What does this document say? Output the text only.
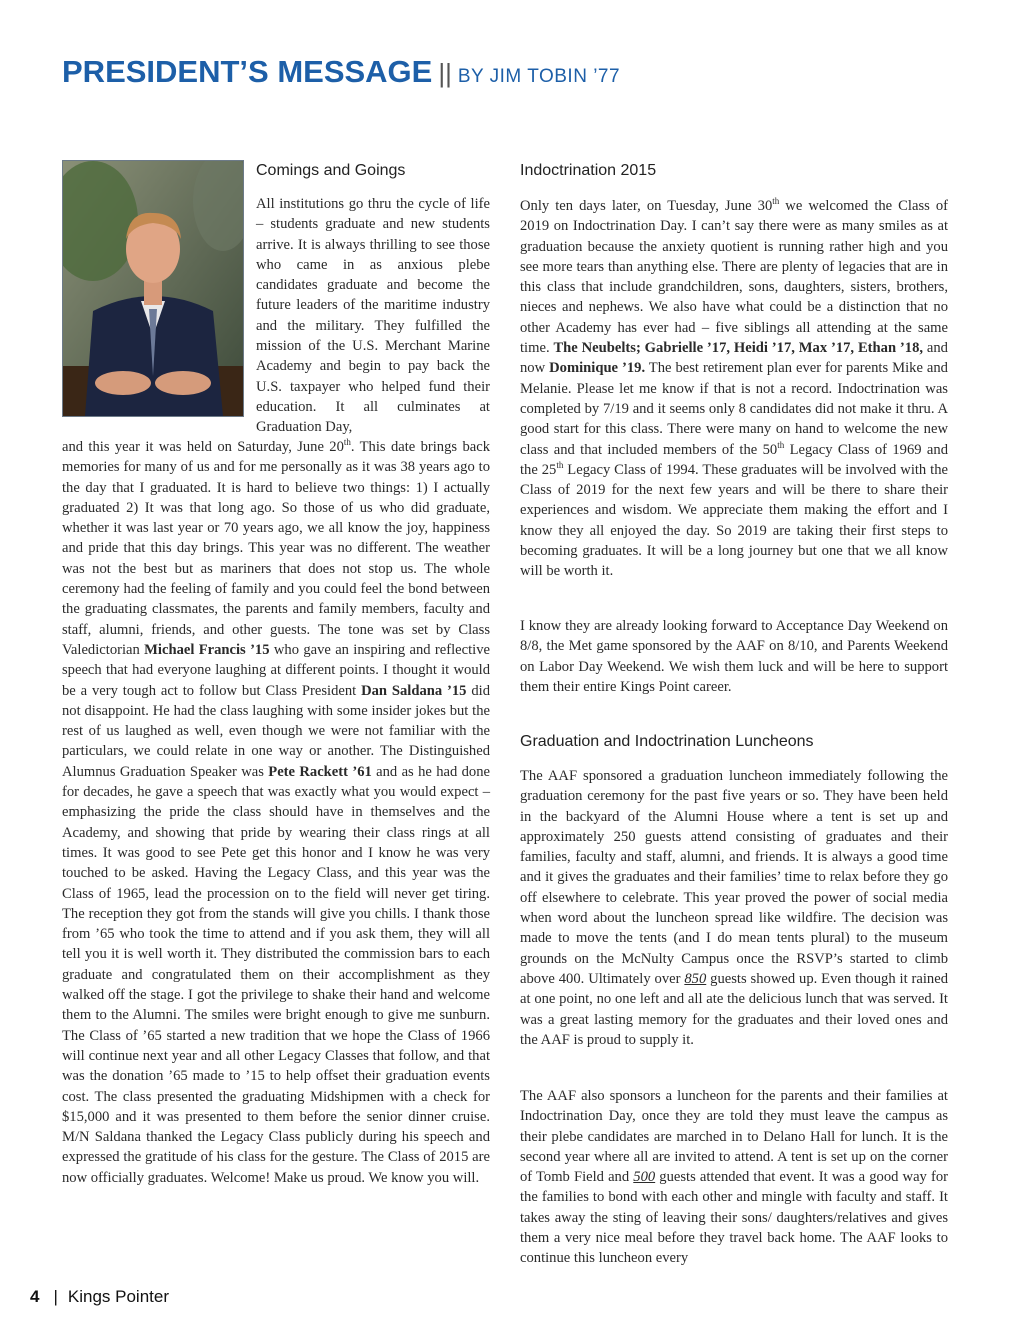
PRESIDENT’S MESSAGE || BY JIM TOBIN ’77
Comings and Goings

All institutions go thru the cycle of life – students graduate and new students arrive. It is always thrilling to see those who came in as anxious plebe candidates graduate and become the future leaders of the maritime industry and the military. They fulfilled the mission of the U.S. Merchant Marine Academy and begin to pay back the U.S. taxpayer who helped fund their education. It all culminates at Graduation Day,

and this year it was held on Saturday, June 20th. This date brings back memories for many of us and for me personally as it was 38 years ago to the day that I graduated. It is hard to believe two things: 1) I actually graduated 2) It was that long ago. So those of us who did graduate, whether it was last year or 70 years ago, we all know the joy, happiness and pride that this day brings. This year was no different. The weather was not the best but as mariners that does not stop us. The whole ceremony had the feeling of family and you could feel the bond between the graduating classmates, the parents and family members, faculty and staff, alumni, friends, and other guests. The tone was set by Class Valedictorian Michael Francis ’15 who gave an inspiring and reflective speech that had everyone laughing at different points. I thought it would be a very tough act to follow but Class President Dan Saldana ’15 did not disappoint. He had the class laughing with some insider jokes but the rest of us laughed as well, even though we were not familiar with the particulars, we could relate in one way or another. The Distinguished Alumnus Graduation Speaker was Pete Rackett ’61 and as he had done for decades, he gave a speech that was exactly what you would expect – emphasizing the pride the class should have in themselves and the Academy, and showing that pride by wearing their class rings at all times. It was good to see Pete get this honor and I know he was very touched to be asked. Having the Legacy Class, and this year was the Class of 1965, lead the procession on to the field will never get tiring. The reception they got from the stands will give you chills. I thank those from ’65 who took the time to attend and if you ask them, they will all tell you it is well worth it. They distributed the commission bars to each graduate and congratulated them on their accomplishment as they walked off the stage. I got the privilege to shake their hand and welcome them to the Alumni. The smiles were bright enough to give me sunburn. The Class of ’65 started a new tradition that we hope the Class of 1966 will continue next year and all other Legacy Classes that follow, and that was the donation ’65 made to ’15 to help offset their graduation events cost. The class presented the graduating Midshipmen with a check for $15,000 and it was presented to them before the senior dinner cruise. M/N Saldana thanked the Legacy Class publicly during his speech and expressed the gratitude of his class for the gesture. The Class of 2015 are now officially graduates. Welcome! Make us proud. We know you will.

Indoctrination 2015

Only ten days later, on Tuesday, June 30th we welcomed the Class of 2019 on Indoctrination Day. I can’t say there were as many smiles as at graduation because the anxiety quotient is running rather high and you see more tears than anything else. There are plenty of legacies that are in this class that include grandchildren, sons, daughters, sisters, brothers, nieces and nephews. We also have what could be a distinction that no other Academy has ever had – five siblings all attending at the same time. The Neubelts; Gabrielle ’17, Heidi ’17, Max ’17, Ethan ’18, and now Dominique ’19. The best retirement plan ever for parents Mike and Melanie. Please let me know if that is not a record. Indoctrination was completed by 7/19 and it seems only 8 candidates did not make it thru. A good start for this class. There were many on hand to welcome the new class and that included members of the 50th Legacy Class of 1969 and the 25th Legacy Class of 1994. These graduates will be involved with the Class of 2019 for the next few years and will be there to share their experiences and wisdom. We appreciate them making the effort and I know they all enjoyed the day. So 2019 are taking their first steps to becoming graduates. It will be a long journey but one that we all know will be worth it.

I know they are already looking forward to Acceptance Day Weekend on 8/8, the Met game sponsored by the AAF on 8/10, and Parents Weekend on Labor Day Weekend. We wish them luck and will be here to support them their entire Kings Point career.

Graduation and Indoctrination Luncheons

The AAF sponsored a graduation luncheon immediately following the graduation ceremony for the past five years or so. They have been held in the backyard of the Alumni House where a tent is set up and approximately 250 guests attend consisting of graduates and their families, faculty and staff, alumni, and friends. It is always a good time and it gives the graduates and their families’ time to relax before they go off elsewhere to celebrate. This year proved the power of social media when word about the luncheon spread like wildfire. The decision was made to move the tents (and I do mean tents plural) to the museum grounds on the McNulty Campus once the RSVP’s started to climb above 400. Ultimately over 850 guests showed up. Even though it rained at one point, no one left and all ate the delicious lunch that was served. It was a great lasting memory for the graduates and their loved ones and the AAF is proud to supply it.

The AAF also sponsors a luncheon for the parents and their families at Indoctrination Day, once they are told they must leave the campus as their plebe candidates are marched in to Delano Hall for lunch. It is the second year where all are invited to attend. A tent is set up on the corner of Tomb Field and 500 guests attended that event. It was a good way for the families to bond with each other and mingle with faculty and staff. It takes away the sting of leaving their sons/ daughters/relatives and gives them a very nice meal before they travel back home. The AAF looks to continue this luncheon every

4 | Kings Pointer
